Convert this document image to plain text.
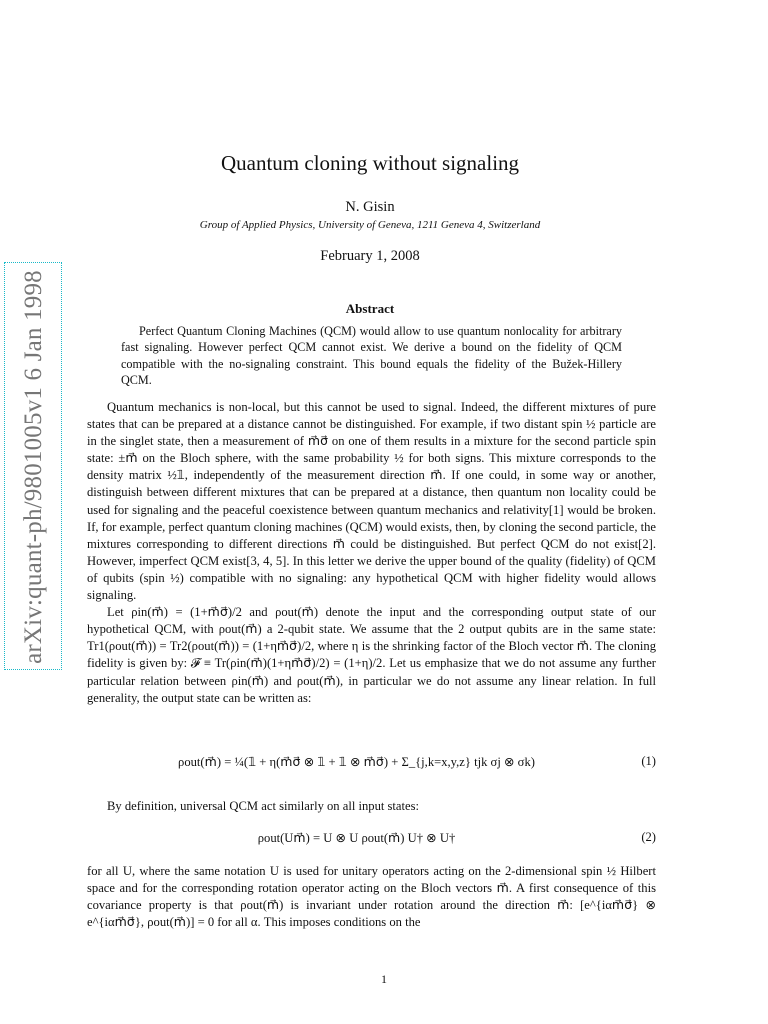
arXiv:quant-ph/9801005v1 6 Jan 1998
Quantum cloning without signaling
N. Gisin
Group of Applied Physics, University of Geneva, 1211 Geneva 4, Switzerland
February 1, 2008
Abstract
Perfect Quantum Cloning Machines (QCM) would allow to use quantum nonlocality for arbitrary fast signaling. However perfect QCM cannot exist. We derive a bound on the fidelity of QCM compatible with the no-signaling constraint. This bound equals the fidelity of the Bužek-Hillery QCM.

Quantum mechanics is non-local, but this cannot be used to signal. Indeed, the different mixtures of pure states that can be prepared at a distance cannot be distinguished. For example, if two distant spin ½ particle are in the singlet state, then a measurement of m⃗σ⃗ on one of them results in a mixture for the second particle spin state: ±m⃗ on the Bloch sphere, with the same probability ½ for both signs. This mixture corresponds to the density matrix ½𝟙, independently of the measurement direction m⃗. If one could, in some way or another, distinguish between different mixtures that can be prepared at a distance, then quantum non locality could be used for signaling and the peaceful coexistence between quantum mechanics and relativity[1] would be broken. If, for example, perfect quantum cloning machines (QCM) would exists, then, by cloning the second particle, the mixtures corresponding to different directions m⃗ could be distinguished. But perfect QCM do not exist[2]. However, imperfect QCM exist[3, 4, 5]. In this letter we derive the upper bound of the quality (fidelity) of QCM of qubits (spin ½) compatible with no signaling: any hypothetical QCM with higher fidelity would allows signaling.

Let ρin(m⃗) = (1+m⃗σ⃗)/2 and ρout(m⃗) denote the input and the corresponding output state of our hypothetical QCM, with ρout(m⃗) a 2-qubit state. We assume that the 2 output qubits are in the same state: Tr1(ρout(m⃗)) = Tr2(ρout(m⃗)) = (1+ηm⃗σ⃗)/2, where η is the shrinking factor of the Bloch vector m⃗. The cloning fidelity is given by: 𝓕 ≡ Tr(ρin(m⃗)(1+ηm⃗σ⃗)/2) = (1+η)/2. Let us emphasize that we do not assume any further particular relation between ρin(m⃗) and ρout(m⃗), in particular we do not assume any linear relation. In full generality, the output state can be written as:

ρout(m⃗) = ¼(𝟙 + η(m⃗σ⃗ ⊗ 𝟙 + 𝟙 ⊗ m⃗σ⃗) + Σ_{j,k=x,y,z} tjk σj ⊗ σk)	(1)

By definition, universal QCM act similarly on all input states:

ρout(Um⃗) = U ⊗ U ρout(m⃗) U† ⊗ U†	(2)

for all U, where the same notation U is used for unitary operators acting on the 2-dimensional spin ½ Hilbert space and for the corresponding rotation operator acting on the Bloch vectors m⃗. A first consequence of this covariance property is that ρout(m⃗) is invariant under rotation around the direction m⃗: [e^{iαm⃗σ⃗} ⊗ e^{iαm⃗σ⃗}, ρout(m⃗)] = 0 for all α. This imposes conditions on the

1
